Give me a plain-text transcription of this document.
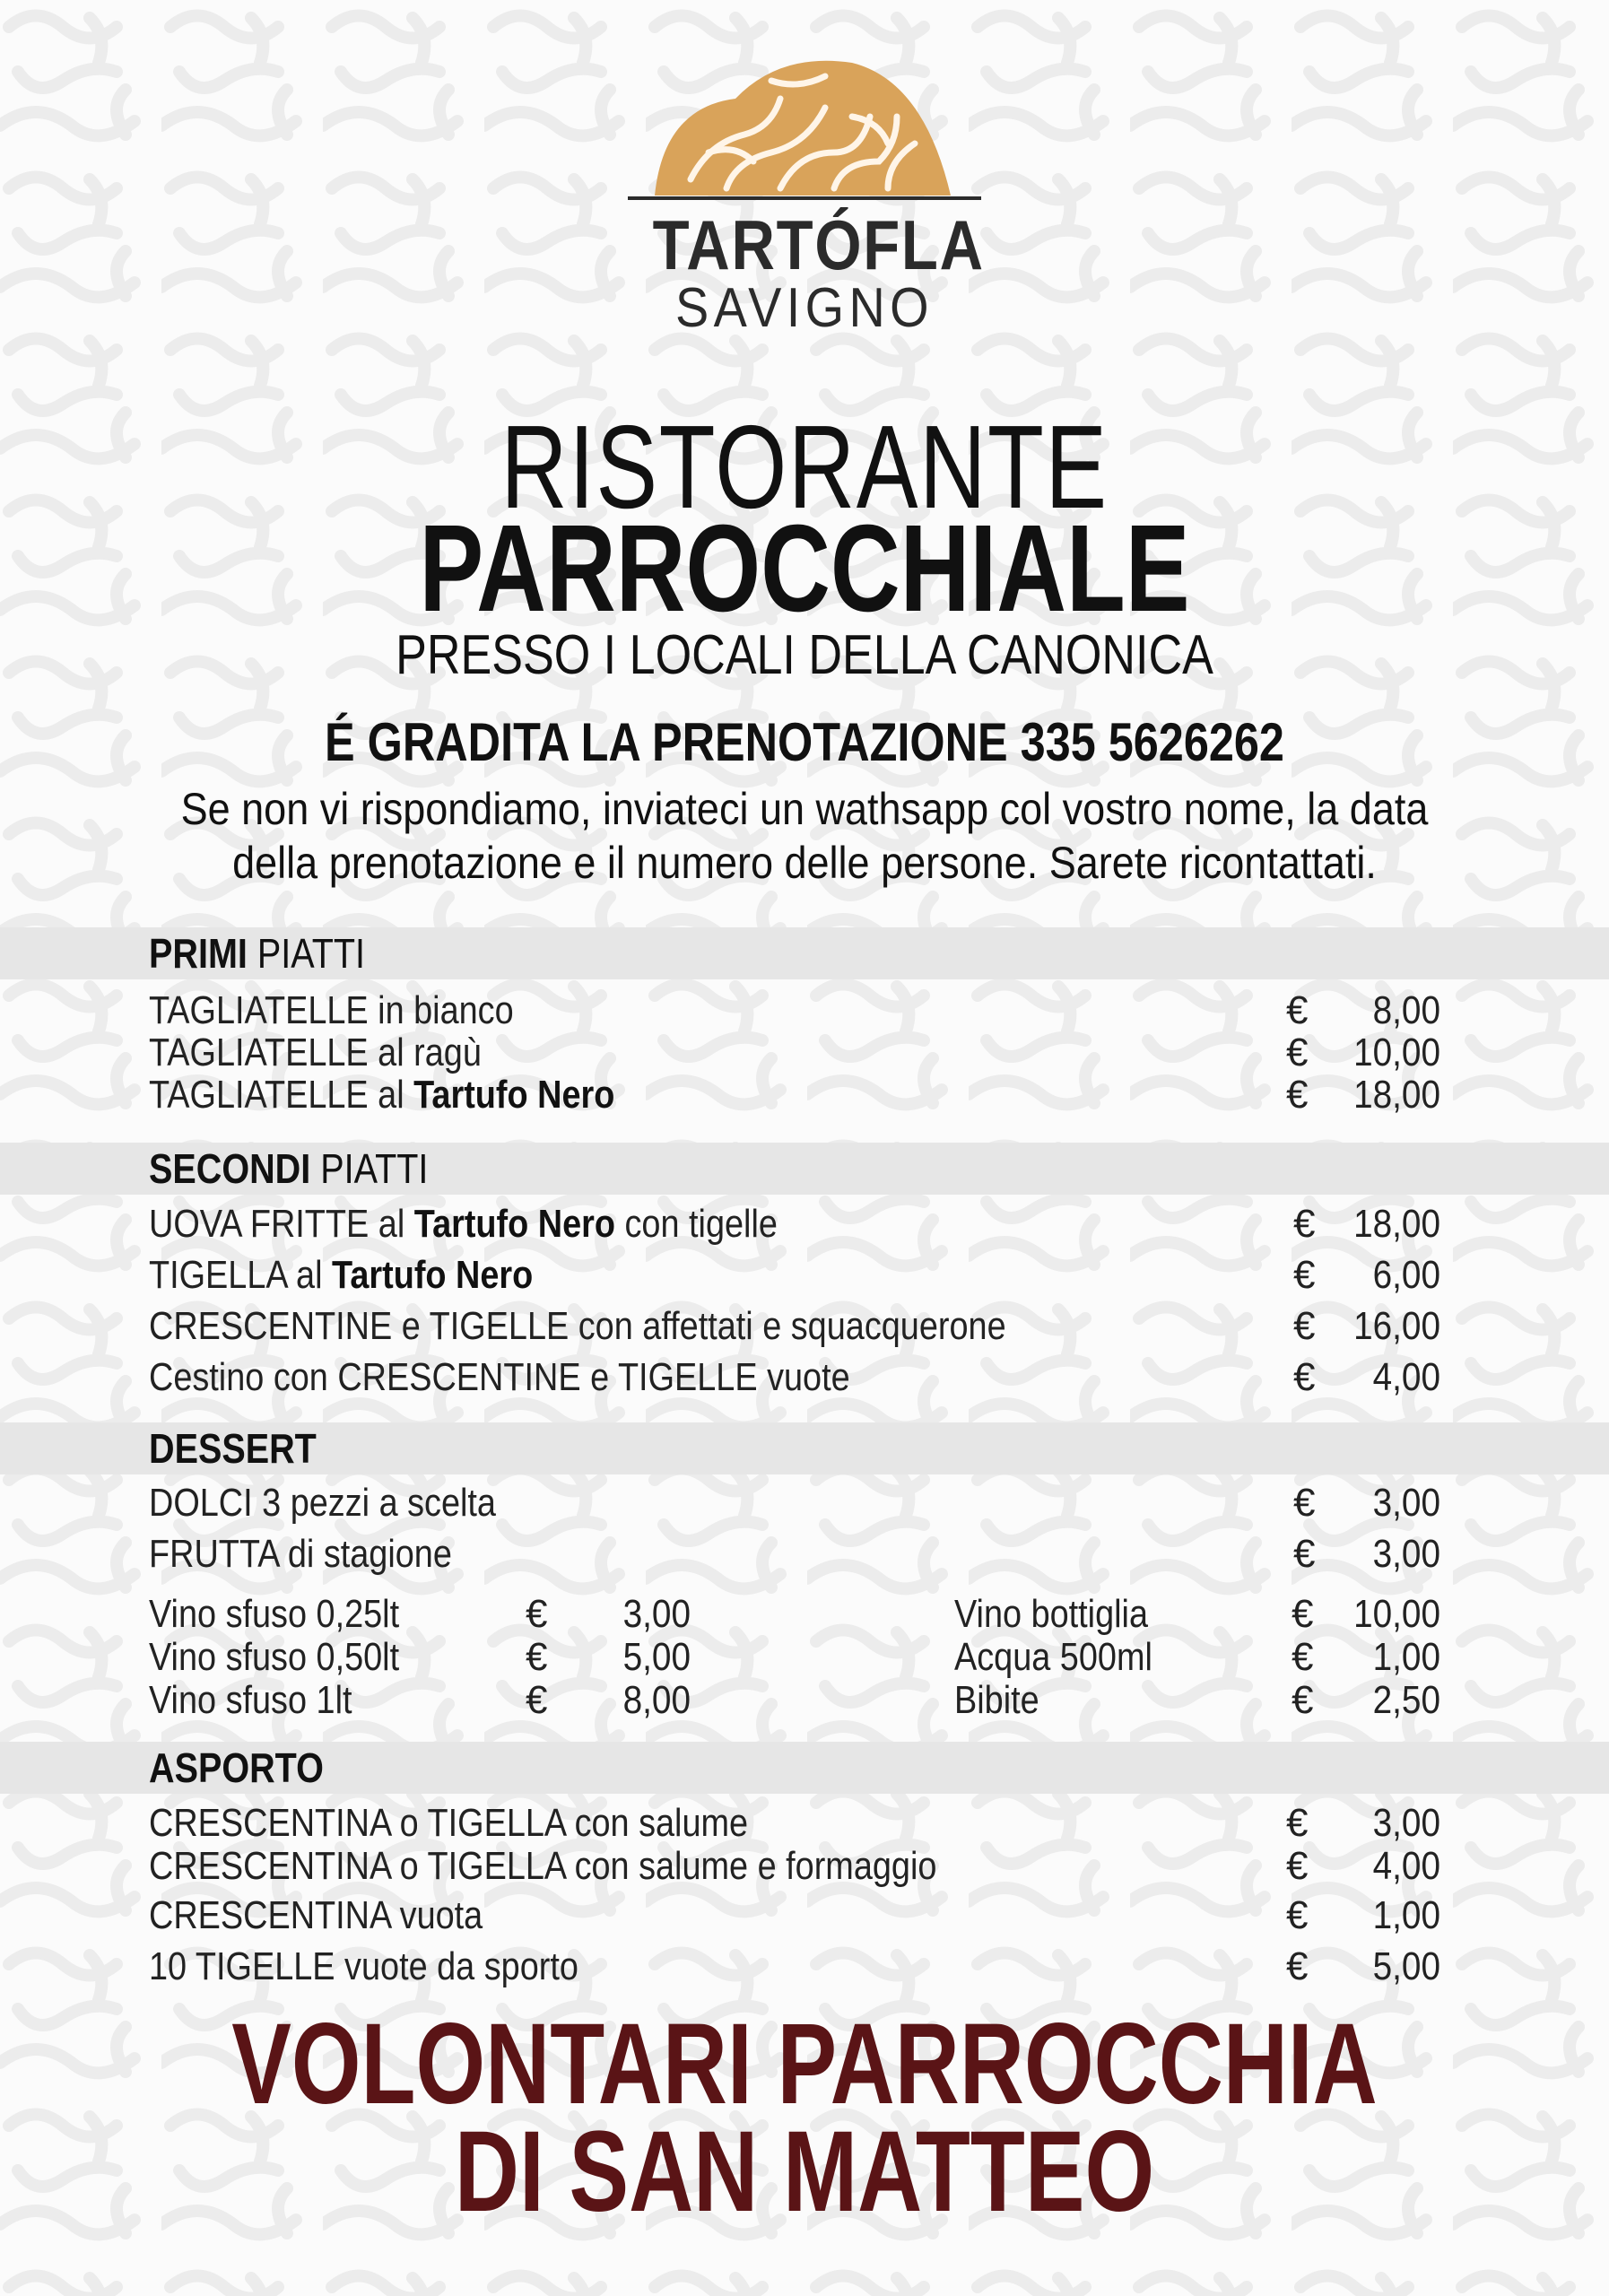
TARTÓFLA
SAVIGNO
RISTORANTE
PARROCCHIALE
PRESSO I LOCALI DELLA CANONICA
É GRADITA LA PRENOTAZIONE 335 5626262
Se non vi rispondiamo, inviateci un wathsapp col vostro nome, la data
della prenotazione e il numero delle persone. Sarete ricontattati.
PRIMI PIATTI
TAGLIATELLE in bianco	€	8,00
TAGLIATELLE al ragù	€	10,00
TAGLIATELLE al Tartufo Nero	€	18,00
SECONDI PIATTI
UOVA FRITTE al Tartufo Nero con tigelle	€ 18,00
TIGELLA al Tartufo Nero	€	6,00
CRESCENTINE e TIGELLE con affettati e squacquerone	€ 16,00
Cestino con CRESCENTINE e TIGELLE vuote	€	4,00
DESSERT
DOLCI 3 pezzi a scelta	€	3,00
FRUTTA di stagione	€	3,00
Vino sfuso 0,25lt	€	3,00
Vino sfuso 0,50lt	€	5,00
Vino sfuso 1lt	€	8,00
Vino bottiglia	€	10,00
Acqua 500ml	€	1,00
Bibite	€	2,50
ASPORTO
CRESCENTINA o TIGELLA con salume	€	3,00
CRESCENTINA o TIGELLA con salume e formaggio	€	4,00
CRESCENTINA vuota	€	1,00
10 TIGELLE vuote da sporto	€	5,00
VOLONTARI PARROCCHIA
DI SAN MATTEO
